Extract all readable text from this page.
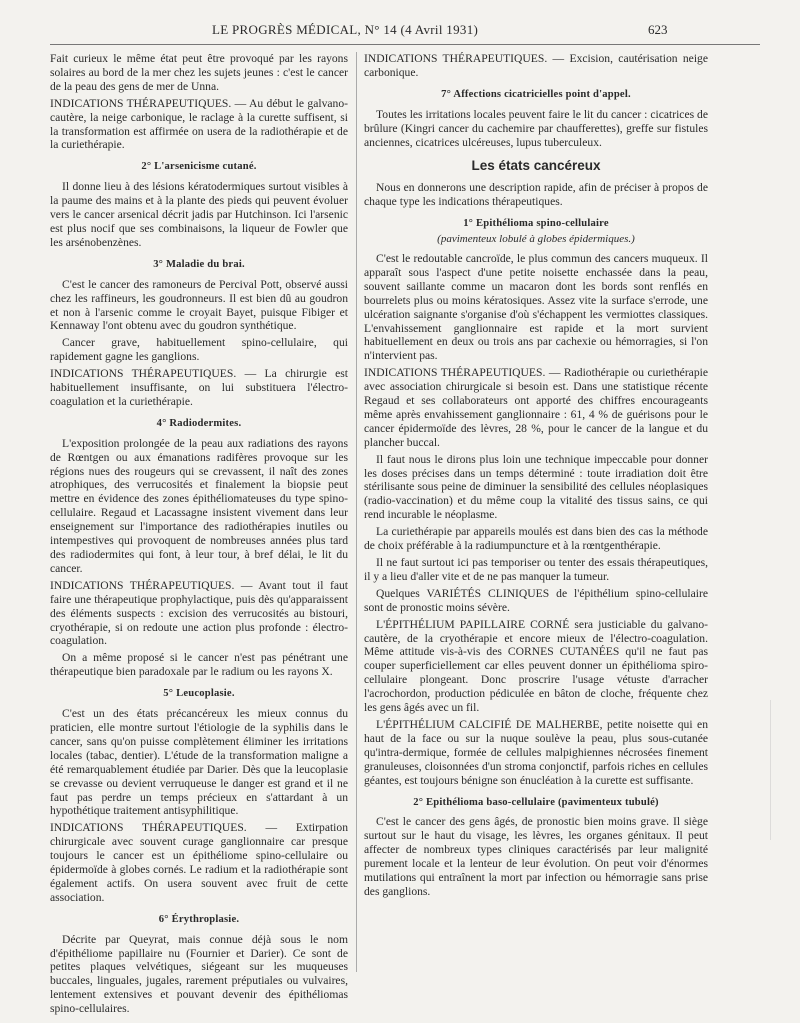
LE PROGRÈS MÉDICAL, N° 14 (4 Avril 1931)	623

Fait curieux le même état peut être provoqué par les rayons solaires au bord de la mer chez les sujets jeunes : c'est le cancer de la peau des gens de mer de Unna.

INDICATIONS THÉRAPEUTIQUES. — Au début le galvano-cautère, la neige carbonique, le raclage à la curette suffisent, si la transformation est affirmée on usera de la radiothérapie et de la curiethérapie.

2° L'arsenicisme cutané.

Il donne lieu à des lésions kératodermiques surtout visibles à la paume des mains et à la plante des pieds qui peuvent évoluer vers le cancer arsenical décrit jadis par Hutchinson. Ici l'arsenic est plus nocif que ses combinaisons, la liqueur de Fowler que les arsénobenzènes.

3° Maladie du brai.

C'est le cancer des ramoneurs de Percival Pott, observé aussi chez les raffineurs, les goudronneurs. Il est bien dû au goudron et non à l'arsenic comme le croyait Bayet, puisque Fibiger et Kennaway l'ont obtenu avec du goudron synthétique.

Cancer grave, habituellement spino-cellulaire, qui rapidement gagne les ganglions.

INDICATIONS THÉRAPEUTIQUES. — La chirurgie est habituellement insuffisante, on lui substituera l'électro-coagulation et la curiethérapie.

4° Radiodermites.

L'exposition prolongée de la peau aux radiations des rayons de Rœntgen ou aux émanations radifères provoque sur les régions nues des rougeurs qui se crevassent, il naît des zones atrophiques, des verrucosités et finalement la biopsie peut mettre en évidence des zones épithéliomateuses du type spino-cellulaire. Regaud et Lacassagne insistent vivement dans leur enseignement sur l'importance des radiothérapies inutiles ou intempestives qui provoquent de nombreuses années plus tard des radiodermites qui font, à leur tour, à bref délai, le lit du cancer.

INDICATIONS THÉRAPEUTIQUES. — Avant tout il faut faire une thérapeutique prophylactique, puis dès qu'apparaissent des éléments suspects : excision des verrucosités au bistouri, cryothérapie, si on redoute une action plus profonde : électro-coagulation.

On a même proposé si le cancer n'est pas pénétrant une thérapeutique bien paradoxale par le radium ou les rayons X.

5° Leucoplasie.

C'est un des états précancéreux les mieux connus du praticien, elle montre surtout l'étiologie de la syphilis dans le cancer, sans qu'on puisse complètement éliminer les irritations locales (tabac, dentier). L'étude de la transformation maligne a été remarquablement étudiée par Darier. Dès que la leucoplasie se crevasse ou devient verruqueuse le danger est grand et il ne faut pas perdre un temps précieux en s'attardant à un hypothétique traitement antisyphilitique.

INDICATIONS THÉRAPEUTIQUES. — Extirpation chirurgicale avec souvent curage ganglionnaire car presque toujours le cancer est un épithéliome spino-cellulaire ou épidermoïde à globes cornés. Le radium et la radiothérapie sont également actifs. On usera souvent avec fruit de cette association.

6° Érythroplasie.

Décrite par Queyrat, mais connue déjà sous le nom d'épithéliome papillaire nu (Fournier et Darier). Ce sont de petites plaques velvétiques, siégeant sur les muqueuses buccales, linguales, jugales, rarement préputiales ou vulvaires, lentement extensives et pouvant devenir des épithéliomas spino-cellulaires.

INDICATIONS THÉRAPEUTIQUES. — Excision, cautérisation neige carbonique.

7° Affections cicatricielles point d'appel.

Toutes les irritations locales peuvent faire le lit du cancer : cicatrices de brûlure (Kingri cancer du cachemire par chaufferettes), greffe sur fistules anciennes, cicatrices ulcéreuses, lupus tuberculeux.

Les états cancéreux

Nous en donnerons une description rapide, afin de préciser à propos de chaque type les indications thérapeutiques.

1° Epithélioma spino-cellulaire
(pavimenteux lobulé à globes épidermiques.)

C'est le redoutable cancroïde, le plus commun des cancers muqueux. Il apparaît sous l'aspect d'une petite noisette enchassée dans la peau, souvent saillante comme un macaron dont les bords sont renflés en bourrelets plus ou moins kératosiques. Assez vite la surface s'errode, une ulcération saignante s'organise d'où s'échappent les vermiottes classiques. L'envahissement ganglionnaire est rapide et la mort survient habituellement en deux ou trois ans par cachexie ou hémorragies, si l'on n'intervient pas.

INDICATIONS THÉRAPEUTIQUES. — Radiothérapie ou curiethérapie avec association chirurgicale si besoin est. Dans une statistique récente Regaud et ses collaborateurs ont apporté des chiffres encourageants même après envahissement ganglionnaire : 61, 4 % de guérisons pour le cancer épidermoïde des lèvres, 28 %, pour le cancer de la langue et du plancher buccal.

Il faut nous le dirons plus loin une technique impeccable pour donner les doses précises dans un temps déterminé : toute irradiation doit être stérilisante sous peine de diminuer la sensibilité des cellules néoplasiques (radio-vaccination) et du même coup la vitalité des tissus sains, ce qui rend incurable le néoplasme.

La curiethérapie par appareils moulés est dans bien des cas la méthode de choix préférable à la radiumpuncture et à la rœntgenthérapie.

Il ne faut surtout ici pas temporiser ou tenter des essais thérapeutiques, il y a lieu d'aller vite et de ne pas manquer la tumeur.

Quelques VARIÉTÉS CLINIQUES de l'épithélium spino-cellulaire sont de pronostic moins sévère.

L'ÉPITHÉLIUM PAPILLAIRE CORNÉ sera justiciable du galvano-cautère, de la cryothérapie et encore mieux de l'électro-coagulation. Même attitude vis-à-vis des CORNES CUTANÉES qu'il ne faut pas couper superficiellement car elles peuvent donner un épithélioma spiro-cellulaire plongeant. Donc proscrire l'usage vétuste d'arracher l'acrochordon, production pédiculée en bâton de cloche, fréquente chez les gens âgés avec un fil.

L'ÉPITHÉLIUM CALCIFIÉ DE MALHERBE, petite noisette qui en haut de la face ou sur la nuque soulève la peau, plus sous-cutanée qu'intra-dermique, formée de cellules malpighiennes nécrosées finement granuleuses, cloisonnées d'un stroma conjonctif, parfois riches en cellules géantes, est toujours bénigne son énucléation à la curette est suffisante.

2° Epithélioma baso-cellulaire (pavimenteux tubulé)

C'est le cancer des gens âgés, de pronostic bien moins grave. Il siège surtout sur le haut du visage, les lèvres, les organes génitaux. Il peut affecter de nombreux types cliniques caractérisés par leur malignité purement locale et la lenteur de leur évolution. On peut voir d'énormes mutilations qui entraînent la mort par infection ou hémorragie sans prise des ganglions.
